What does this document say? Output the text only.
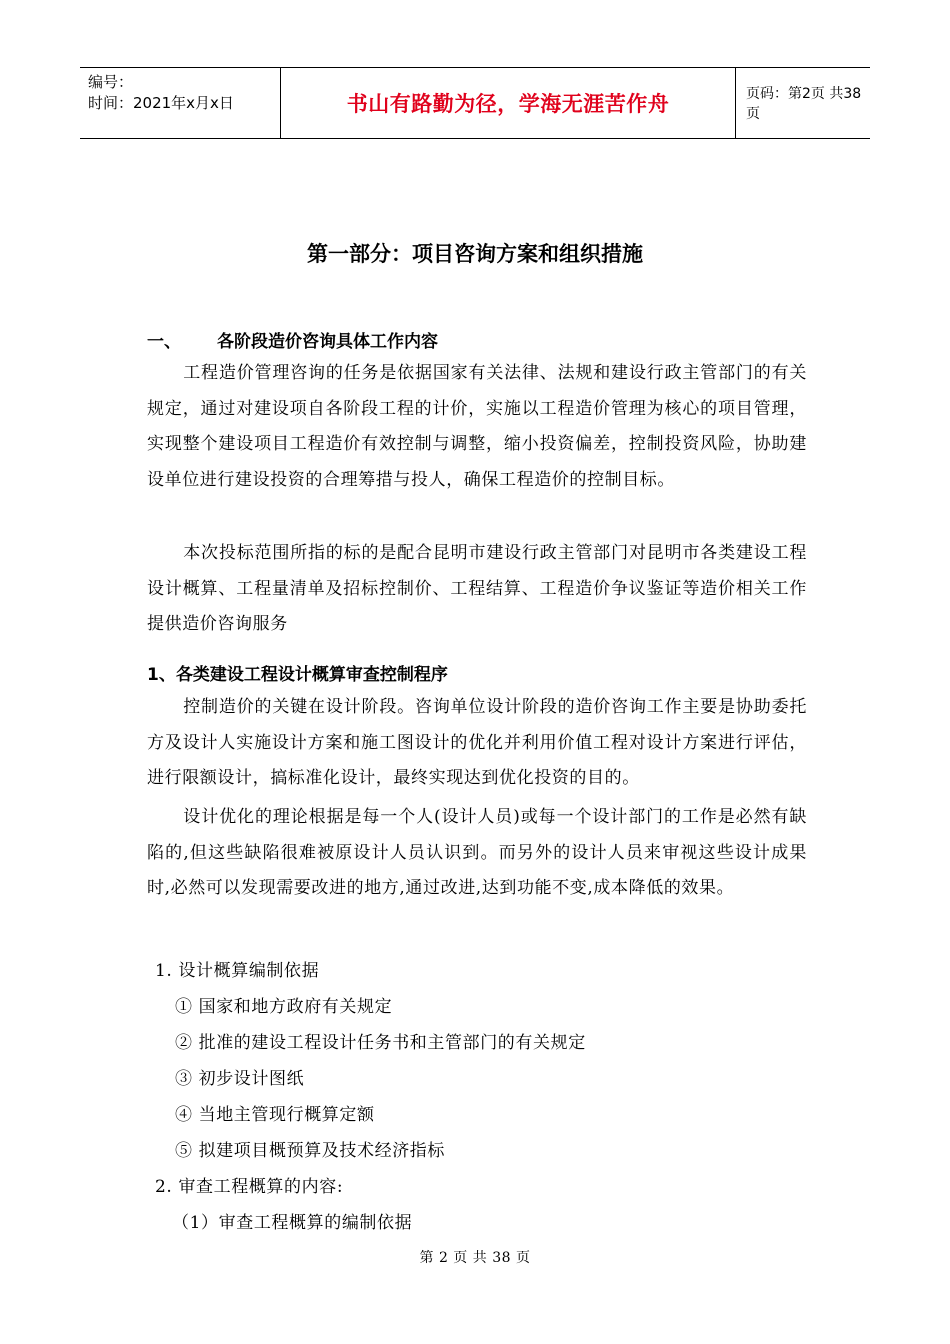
编号：
时间：2021年x月x日	书山有路勤为径，学海无涯苦作舟	页码：第2页 共38页
第一部分：项目咨询方案和组织措施
一、 各阶段造价咨询具体工作内容
工程造价管理咨询的任务是依据国家有关法律、法规和建设行政主管部门的有关规定，通过对建设项自各阶段工程的计价，实施以工程造价管理为核心的项目管理，实现整个建设项目工程造价有效控制与调整，缩小投资偏差，控制投资风险，协助建设单位进行建设投资的合理筹措与投人，确保工程造价的控制目标。
本次投标范围所指的标的是配合昆明市建设行政主管部门对昆明市各类建设工程设计概算、工程量清单及招标控制价、工程结算、工程造价争议鉴证等造价相关工作提供造价咨询服务
1、各类建设工程设计概算审查控制程序
控制造价的关键在设计阶段。咨询单位设计阶段的造价咨询工作主要是协助委托方及设计人实施设计方案和施工图设计的优化并利用价值工程对设计方案进行评估，进行限额设计，搞标准化设计，最终实现达到优化投资的目的。
设计优化的理论根据是每一个人(设计人员)或每一个设计部门的工作是必然有缺陷的,但这些缺陷很难被原设计人员认识到。而另外的设计人员来审视这些设计成果时,必然可以发现需要改进的地方,通过改进,达到功能不变,成本降低的效果。
1. 设计概算编制依据
① 国家和地方政府有关规定
② 批准的建设工程设计任务书和主管部门的有关规定
③ 初步设计图纸
④ 当地主管现行概算定额
⑤ 拟建项目概预算及技术经济指标
2. 审查工程概算的内容:
（1）审查工程概算的编制依据
第 2 页 共 38 页
